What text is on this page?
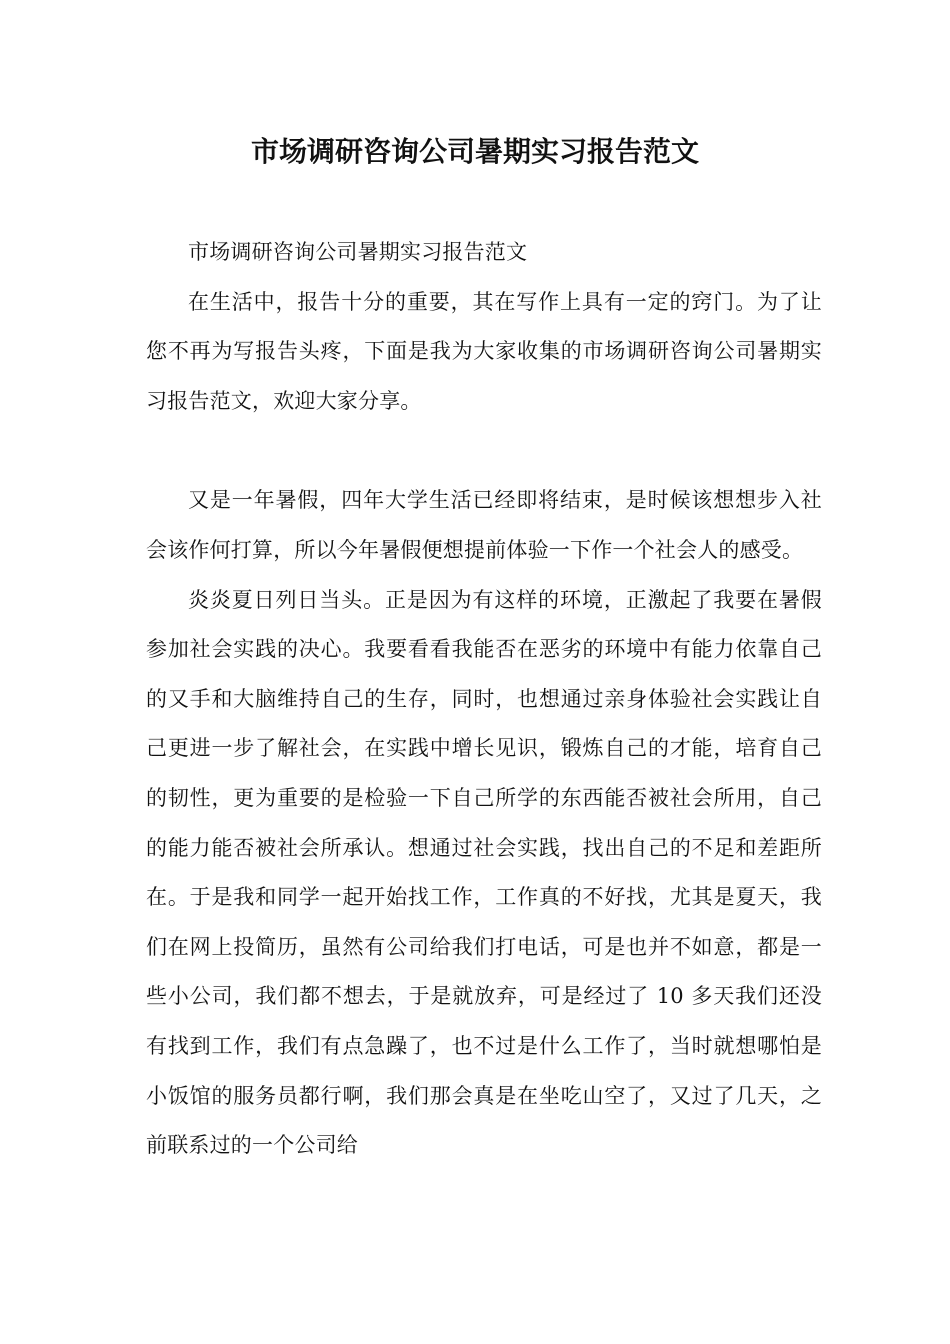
市场调研咨询公司暑期实习报告范文

市场调研咨询公司暑期实习报告范文

在生活中，报告十分的重要，其在写作上具有一定的窍门。为了让您不再为写报告头疼，下面是我为大家收集的市场调研咨询公司暑期实习报告范文，欢迎大家分享。

又是一年暑假，四年大学生活已经即将结束，是时候该想想步入社会该作何打算，所以今年暑假便想提前体验一下作一个社会人的感受。

炎炎夏日列日当头。正是因为有这样的环境，正激起了我要在暑假参加社会实践的决心。我要看看我能否在恶劣的环境中有能力依靠自己的又手和大脑维持自己的生存，同时，也想通过亲身体验社会实践让自己更进一步了解社会，在实践中增长见识，锻炼自己的才能，培育自己的韧性，更为重要的是检验一下自己所学的东西能否被社会所用，自己的能力能否被社会所承认。想通过社会实践，找出自己的不足和差距所在。于是我和同学一起开始找工作，工作真的不好找，尤其是夏天，我们在网上投简历，虽然有公司给我们打电话，可是也并不如意，都是一些小公司，我们都不想去，于是就放弃，可是经过了 10 多天我们还没有找到工作，我们有点急躁了，也不过是什么工作了，当时就想哪怕是小饭馆的服务员都行啊，我们那会真是在坐吃山空了，又过了几天，之前联系过的一个公司给
